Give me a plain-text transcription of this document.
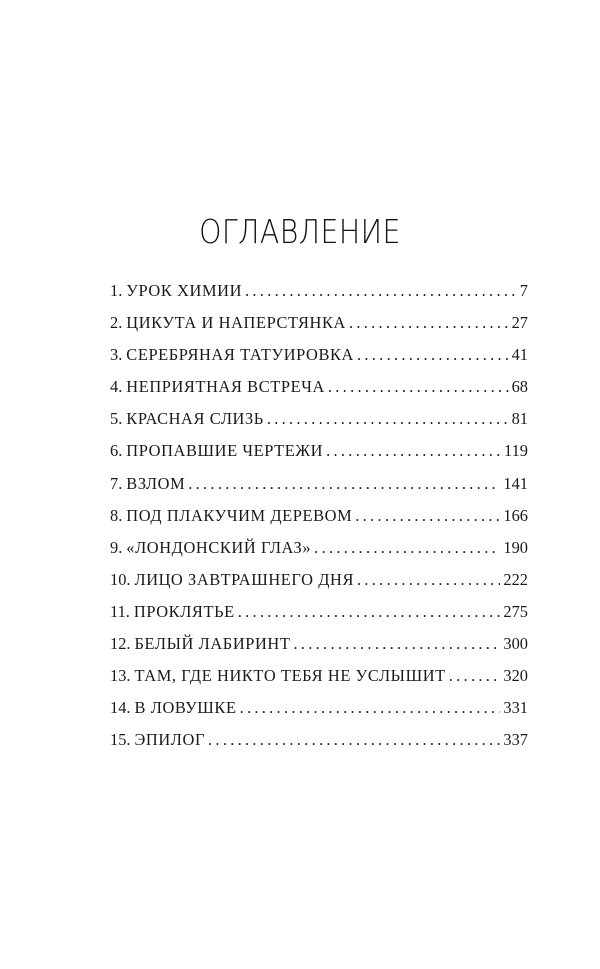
ОГЛАВЛЕНИЕ
1. УРОК ХИМИИ . . .	7
2. ЦИКУТА И НАПЕРСТЯНКА . . .	27
3. СЕРЕБРЯНАЯ ТАТУИРОВКА . . .	41
4. НЕПРИЯТНАЯ ВСТРЕЧА . . .	68
5. КРАСНАЯ СЛИЗЬ . . .	81
6. ПРОПАВШИЕ ЧЕРТЕЖИ . . .	119
7. ВЗЛОМ . . .	141
8. ПОД ПЛАКУЧИМ ДЕРЕВОМ . . .	166
9. «ЛОНДОНСКИЙ ГЛАЗ» . . .	190
10. ЛИЦО ЗАВТРАШНЕГО ДНЯ . . .	222
11. ПРОКЛЯТЬЕ . . .	275
12. БЕЛЫЙ ЛАБИРИНТ . . .	300
13. ТАМ, ГДЕ НИКТО ТЕБЯ НЕ УСЛЫШИТ . . .	320
14. В ЛОВУШКЕ . . .	331
15. ЭПИЛОГ . . .	337
